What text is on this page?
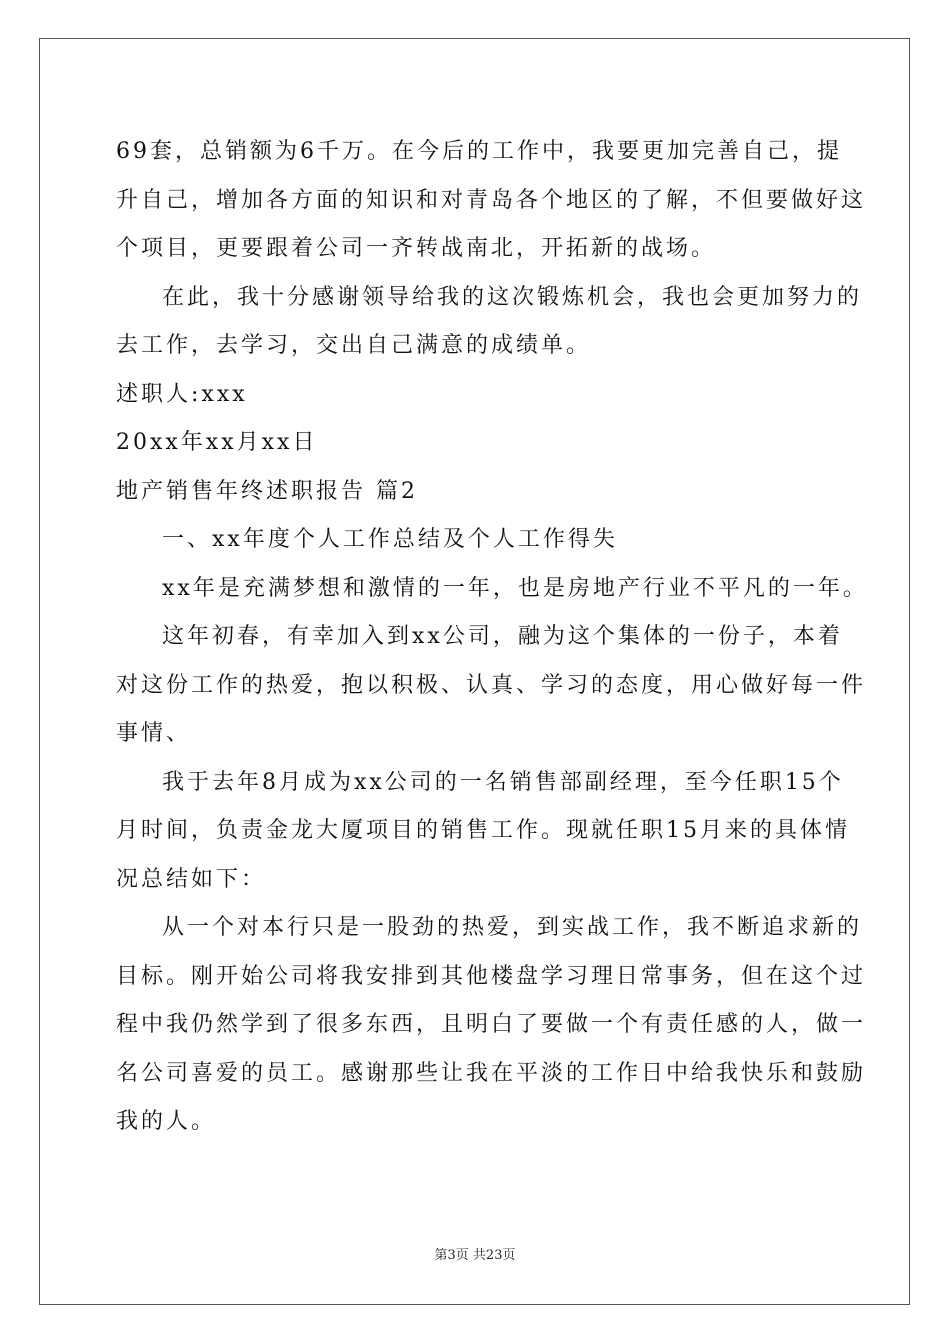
69套，总销额为6千万。在今后的工作中，我要更加完善自己，提
升自己，增加各方面的知识和对青岛各个地区的了解，不但要做好这
个项目，更要跟着公司一齐转战南北，开拓新的战场。
在此，我十分感谢领导给我的这次锻炼机会，我也会更加努力的
去工作，去学习，交出自己满意的成绩单。
述职人:xxx
20xx年xx月xx日
地产销售年终述职报告 篇2
一、xx年度个人工作总结及个人工作得失
xx年是充满梦想和激情的一年，也是房地产行业不平凡的一年。
这年初春，有幸加入到xx公司，融为这个集体的一份子，本着
对这份工作的热爱，抱以积极、认真、学习的态度，用心做好每一件
事情、
我于去年8月成为xx公司的一名销售部副经理，至今任职15个
月时间，负责金龙大厦项目的销售工作。现就任职15月来的具体情
况总结如下：
从一个对本行只是一股劲的热爱，到实战工作，我不断追求新的
目标。刚开始公司将我安排到其他楼盘学习理日常事务，但在这个过
程中我仍然学到了很多东西，且明白了要做一个有责任感的人，做一
名公司喜爱的员工。感谢那些让我在平淡的工作日中给我快乐和鼓励
我的人。
第3页 共23页
